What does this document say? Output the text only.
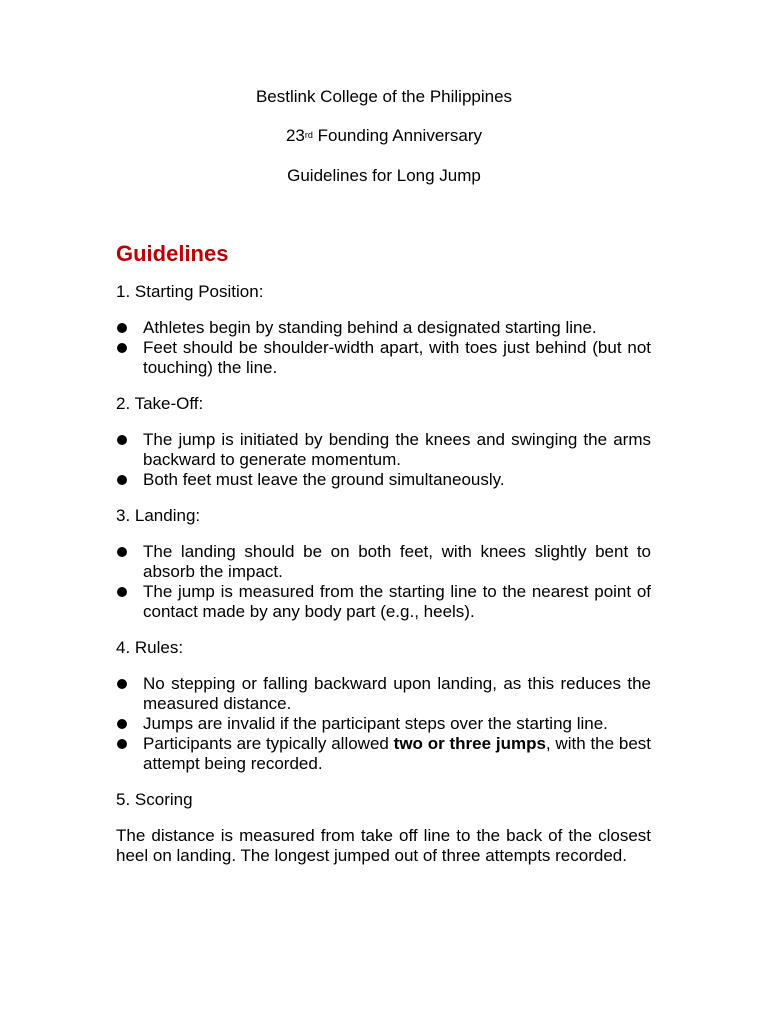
Bestlink College of the Philippines
23rd Founding Anniversary
Guidelines for Long Jump
Guidelines
1. Starting Position:
Athletes begin by standing behind a designated starting line.
Feet should be shoulder-width apart, with toes just behind (but not touching) the line.
2. Take-Off:
The jump is initiated by bending the knees and swinging the arms backward to generate momentum.
Both feet must leave the ground simultaneously.
3. Landing:
The landing should be on both feet, with knees slightly bent to absorb the impact.
The jump is measured from the starting line to the nearest point of contact made by any body part (e.g., heels).
4. Rules:
No stepping or falling backward upon landing, as this reduces the measured distance.
Jumps are invalid if the participant steps over the starting line.
Participants are typically allowed two or three jumps, with the best attempt being recorded.
5. Scoring

The distance is measured from take off line to the back of the closest heel on landing. The longest jumped out of three attempts recorded.
